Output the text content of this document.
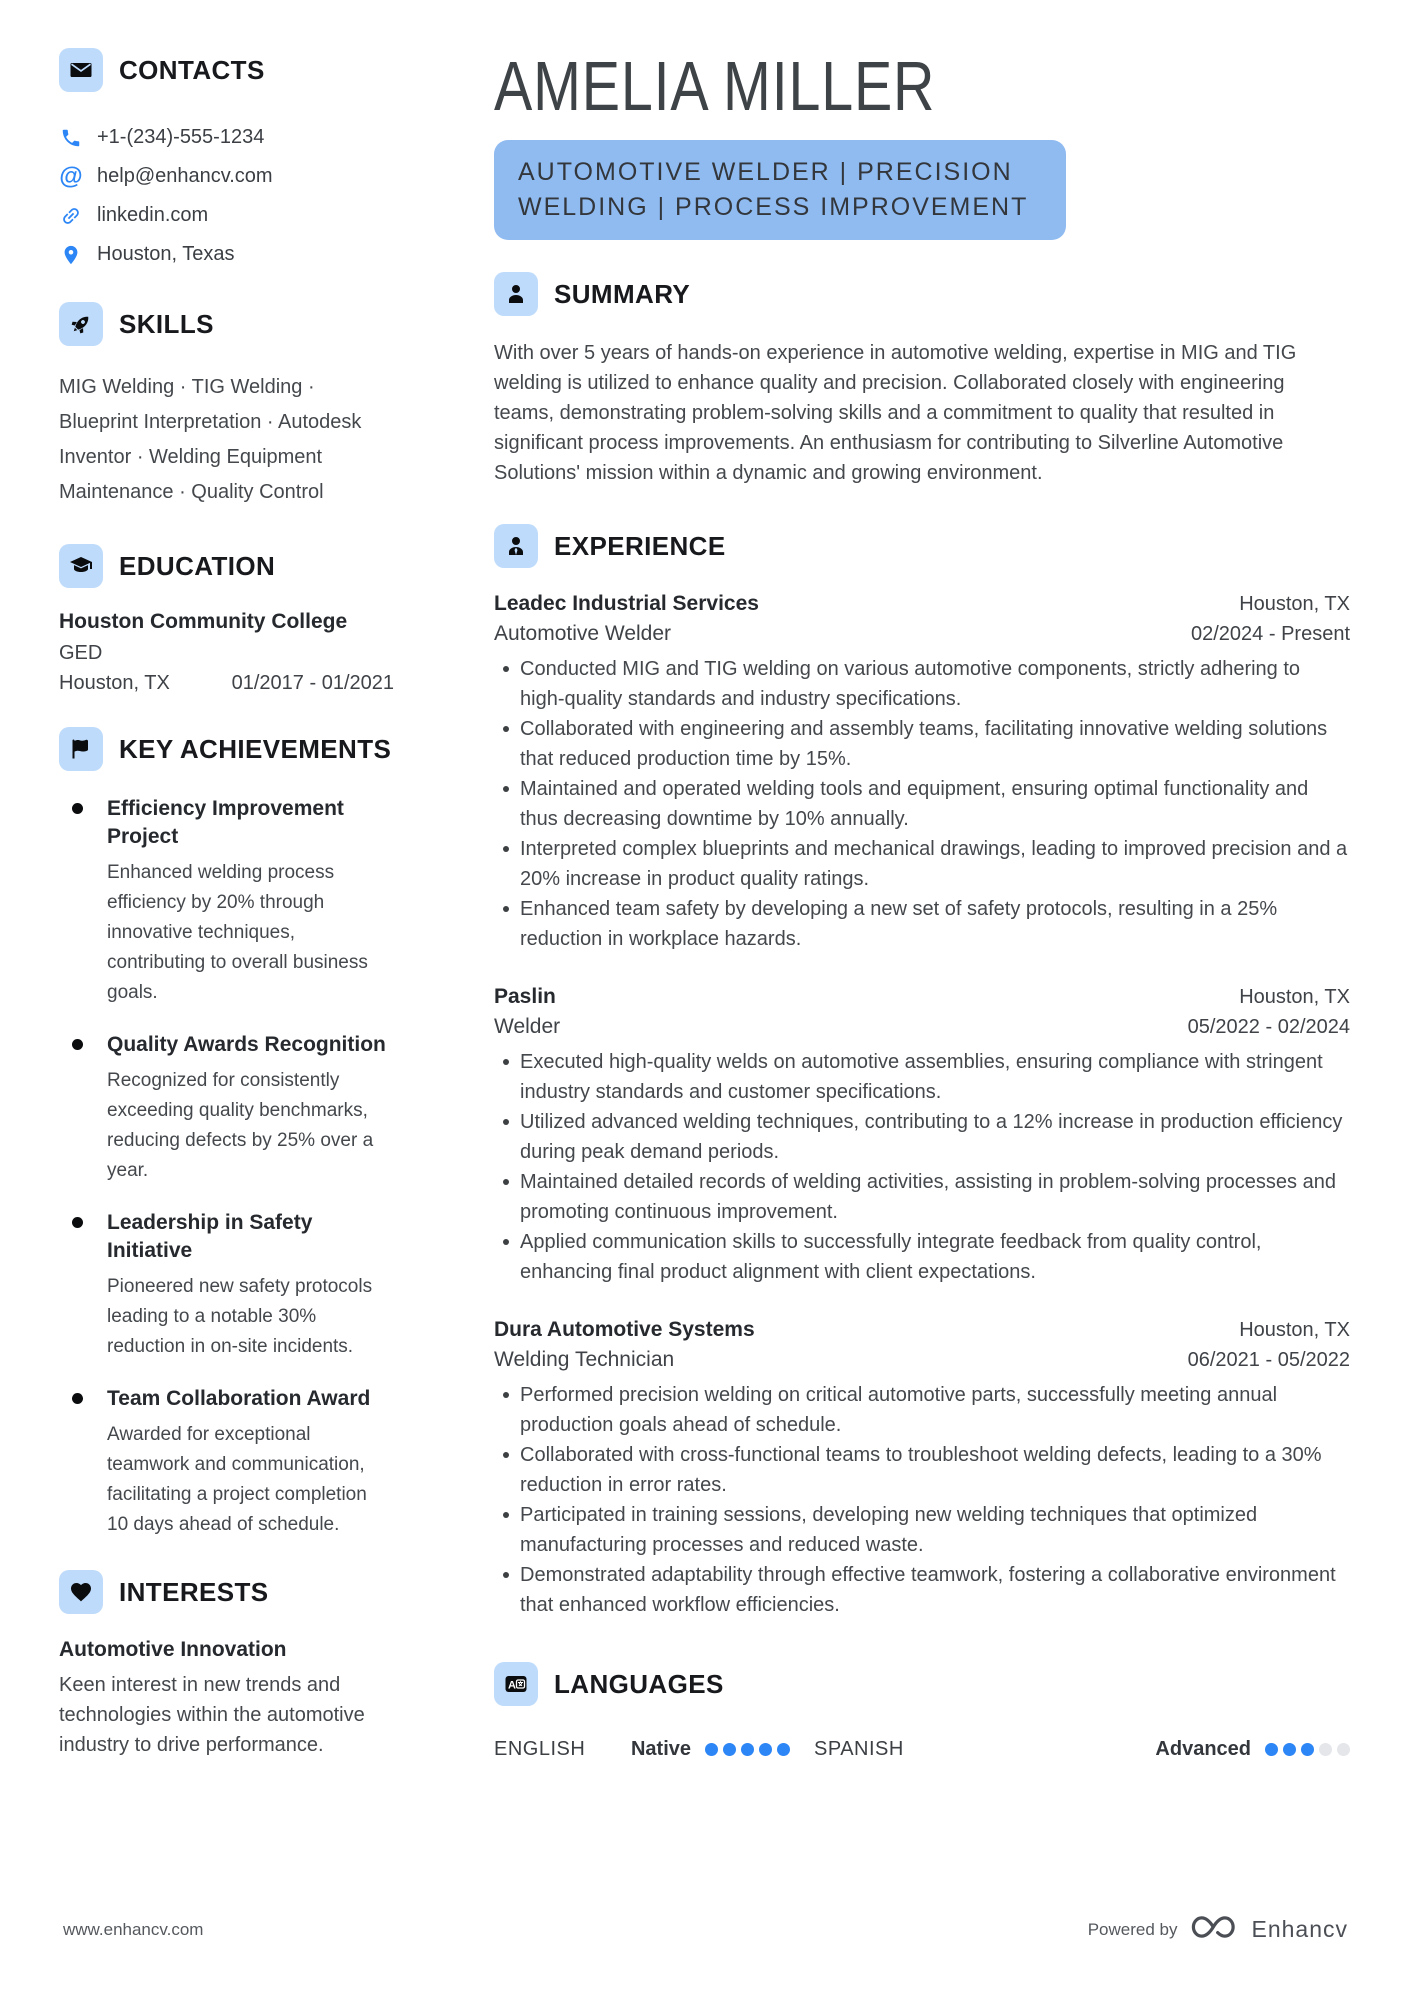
CONTACTS
+1-(234)-555-1234
@ help@enhancv.com
linkedin.com
Houston, Texas
SKILLS

MIG Welding · TIG Welding · Blueprint Interpretation · Autodesk Inventor · Welding Equipment Maintenance · Quality Control

EDUCATION
Houston Community College

GED

Houston, TX	01/2017 - 01/2021
KEY ACHIEVEMENTS
Efficiency Improvement Project

Enhanced welding process efficiency by 20% through innovative techniques, contributing to overall business goals.

Quality Awards Recognition

Recognized for consistently exceeding quality benchmarks, reducing defects by 25% over a year.

Leadership in Safety Initiative

Pioneered new safety protocols leading to a notable 30% reduction in on-site incidents.

Team Collaboration Award

Awarded for exceptional teamwork and communication, facilitating a project completion 10 days ahead of schedule.

INTERESTS
Automotive Innovation

Keen interest in new trends and technologies within the automotive industry to drive performance.

AMELIA MILLER
AUTOMOTIVE WELDER | PRECISION WELDING | PROCESS IMPROVEMENT
SUMMARY

With over 5 years of hands-on experience in automotive welding, expertise in MIG and TIG welding is utilized to enhance quality and precision. Collaborated closely with engineering teams, demonstrating problem-solving skills and a commitment to quality that resulted in significant process improvements. An enthusiasm for contributing to Silverline Automotive Solutions' mission within a dynamic and growing environment.

EXPERIENCE
Leadec Industrial Services	Houston, TX

Automotive Welder	02/2024 - Present
Conducted MIG and TIG welding on various automotive components, strictly adhering to high-quality standards and industry specifications.
Collaborated with engineering and assembly teams, facilitating innovative welding solutions that reduced production time by 15%.
Maintained and operated welding tools and equipment, ensuring optimal functionality and thus decreasing downtime by 10% annually.
Interpreted complex blueprints and mechanical drawings, leading to improved precision and a 20% increase in product quality ratings.
Enhanced team safety by developing a new set of safety protocols, resulting in a 25% reduction in workplace hazards.
Paslin	Houston, TX

Welder	05/2022 - 02/2024
Executed high-quality welds on automotive assemblies, ensuring compliance with stringent industry standards and customer specifications.
Utilized advanced welding techniques, contributing to a 12% increase in production efficiency during peak demand periods.
Maintained detailed records of welding activities, assisting in problem-solving processes and promoting continuous improvement.
Applied communication skills to successfully integrate feedback from quality control, enhancing final product alignment with client expectations.
Dura Automotive Systems	Houston, TX

Welding Technician	06/2021 - 05/2022
Performed precision welding on critical automotive parts, successfully meeting annual production goals ahead of schedule.
Collaborated with cross-functional teams to troubleshoot welding defects, leading to a 30% reduction in error rates.
Participated in training sessions, developing new welding techniques that optimized manufacturing processes and reduced waste.
Demonstrated adaptability through effective teamwork, fostering a collaborative environment that enhanced workflow efficiencies.
A LANGUAGES
ENGLISH Native	SPANISH	Advanced
www.enhancv.com	Powered by	Enhancv
